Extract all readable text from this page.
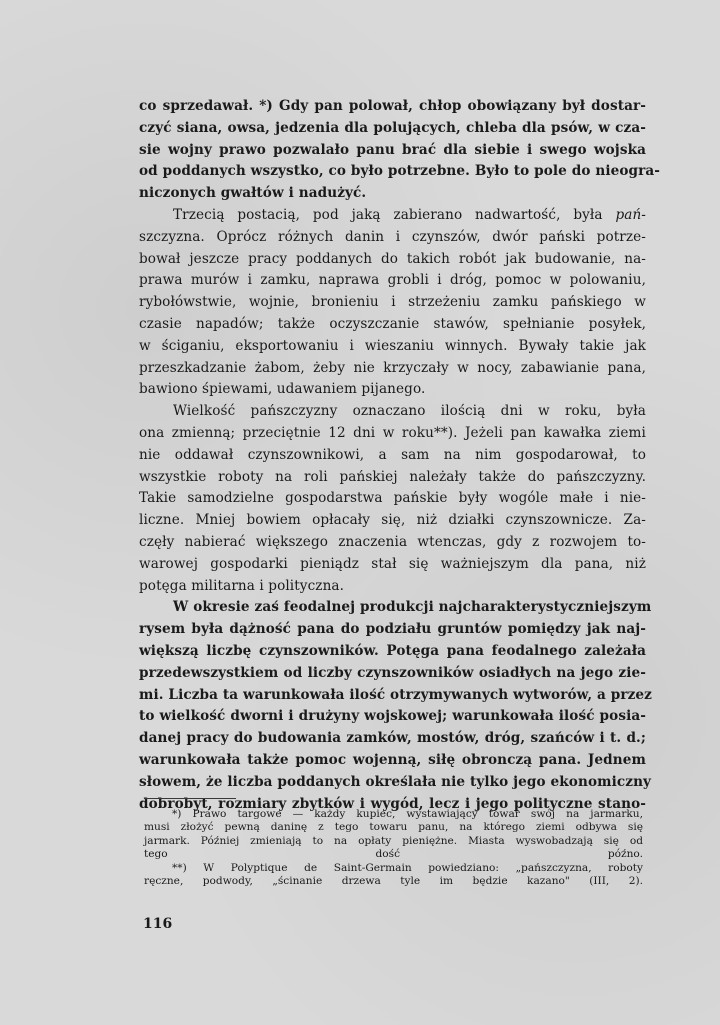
co sprzedawał. *) Gdy pan polował, chłop obowiązany był dostar-
czyć siana, owsa, jedzenia dla polujących, chleba dla psów, w cza-
sie wojny prawo pozwalało panu brać dla siebie i swego wojska
od poddanych wszystko, co było potrzebne. Było to pole do nieogra-
niczonych gwałtów i nadużyć.

Trzecią postacią, pod jaką zabierano nadwartość, była pań-
szczyzna. Oprócz różnych danin i czynszów, dwór pański potrze-
bował jeszcze pracy poddanych do takich robót jak budowanie, na-
prawa murów i zamku, naprawa grobli i dróg, pomoc w polowaniu,
rybołówstwie, wojnie, bronieniu i strzeżeniu zamku pańskiego w
czasie napadów; także oczyszczanie stawów, spełnianie posyłek,
w ściganiu, eksportowaniu i wieszaniu winnych. Bywały takie jak
przeszkadzanie żabom, żeby nie krzyczały w nocy, zabawianie pana,
bawiono śpiewami, udawaniem pijanego.

Wielkość pańszczyzny oznaczano ilością dni w roku, była
ona zmienną; przeciętnie 12 dni w roku**). Jeżeli pan kawałka ziemi
nie oddawał czynszownikowi, a sam na nim gospodarował, to
wszystkie roboty na roli pańskiej należały także do pańszczyzny.
Takie samodzielne gospodarstwa pańskie były wogóle małe i nie-
liczne. Mniej bowiem opłacały się, niż działki czynszownicze. Za-
częły nabierać większego znaczenia wtenczas, gdy z rozwojem to-
warowej gospodarki pieniądz stał się ważniejszym dla pana, niż
potęga militarna i polityczna.

W okresie zaś feodalnej produkcji najcharakterystyczniejszym
rysem była dążność pana do podziału gruntów pomiędzy jak naj-
większą liczbę czynszowników. Potęga pana feodalnego zależała
przedewszystkiem od liczby czynszowników osiadłych na jego zie-
mi. Liczba ta warunkowała ilość otrzymywanych wytworów, a przez
to wielkość dworni i drużyny wojskowej; warunkowała ilość posia-
danej pracy do budowania zamków, mostów, dróg, szańców i t. d.;
warunkowała także pomoc wojenną, siłę obronczą pana. Jednem
słowem, że liczba poddanych określała nie tylko jego ekonomiczny
dobrobyt, rozmiary zbytków i wygód, lecz i jego polityczne stano-

*) Prawo targowe — każdy kupiec, wystawiający towar swój na jarmarku,
musi złożyć pewną daninę z tego towaru panu, na którego ziemi odbywa się
jarmark. Później zmieniają to na opłaty pieniężne. Miasta wyswobadzają się od
tego dość późno.
**) W Polyptique de Saint-Germain powiedziano: „pańszczyzna, roboty
ręczne, podwody, „ścinanie drzewa tyle im będzie kazano" (III, 2).
116
